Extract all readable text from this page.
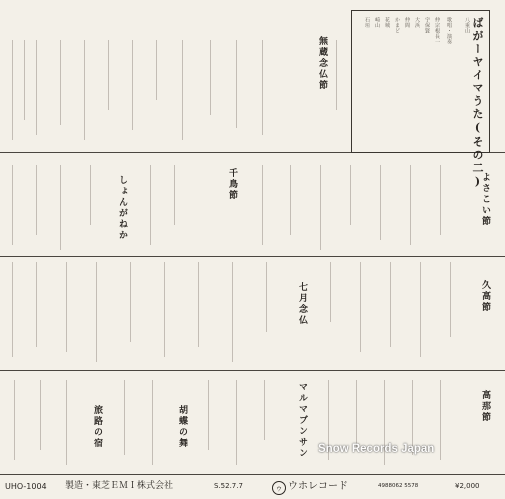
ばがーヤイマうた(その二)
八重山
歌唱・演奏
仲宗根長一
宇保賢
大浜
仲間
かまど
花城
崎山
石垣
無蔵念仏節
しょんがねか	千鳥節	よさこい節
七月念仏	久高節
旅路の宿	胡蝶の舞	マルマブンサン	高那節
Snow Records Japan
UHO-1004 製造・東芝ＥＭＩ株式会社	S.52.7.7	ウ ウホレコード	4988062 5578	¥2,000
